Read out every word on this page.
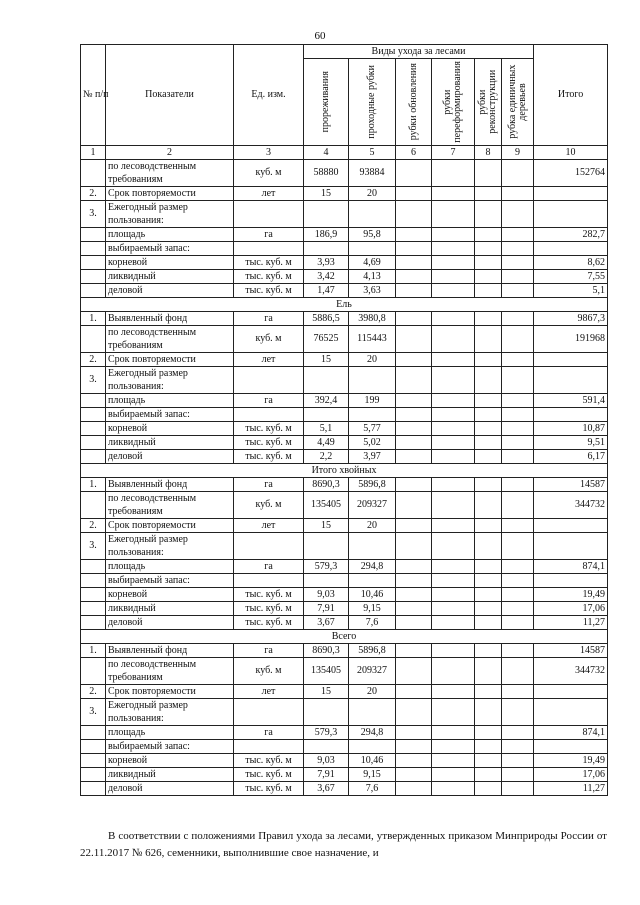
60
№ п/п	Показатели	Ед. изм.	Виды ухода за лесами						Итого

			прореживания	проходные рубки	рубки обновления	рубки переформирования	рубки реконструкции	рубка единичных деревьев	

1	2	3	4	5	6	7	8	9	10
	по лесоводственным требованиям	куб. м	58880	93884					152764
2.	Срок повторяемости	лет	15	20					
3.	Ежегодный размер пользования:								
	площадь	га	186,9	95,8					282,7
	выбираемый запас:								
	корневой	тыс. куб. м	3,93	4,69					8,62
	ликвидный	тыс. куб. м	3,42	4,13					7,55
	деловой	тыс. куб. м	1,47	3,63					5,1
Ель									
1.	Выявленный фонд	га	5886,5	3980,8					9867,3
	по лесоводственным требованиям	куб. м	76525	115443					191968
2.	Срок повторяемости	лет	15	20					
3.	Ежегодный размер пользования:								
	площадь	га	392,4	199					591,4
	выбираемый запас:								
	корневой	тыс. куб. м	5,1	5,77					10,87
	ликвидный	тыс. куб. м	4,49	5,02					9,51
	деловой	тыс. куб. м	2,2	3,97					6,17
Итого хвойных									
1.	Выявленный фонд	га	8690,3	5896,8					14587
	по лесоводственным требованиям	куб. м	135405	209327					344732
2.	Срок повторяемости	лет	15	20					
3.	Ежегодный размер пользования:								
	площадь	га	579,3	294,8					874,1
	выбираемый запас:								
	корневой	тыс. куб. м	9,03	10,46					19,49
	ликвидный	тыс. куб. м	7,91	9,15					17,06
	деловой	тыс. куб. м	3,67	7,6					11,27
Всего									
1.	Выявленный фонд	га	8690,3	5896,8					14587
	по лесоводственным требованиям	куб. м	135405	209327					344732
2.	Срок повторяемости	лет	15	20					
3.	Ежегодный размер пользования:								
	площадь	га	579,3	294,8					874,1
	выбираемый запас:								
	корневой	тыс. куб. м	9,03	10,46					19,49
	ликвидный	тыс. куб. м	7,91	9,15					17,06
	деловой	тыс. куб. м	3,67	7,6					11,27
В соответствии с положениями Правил ухода за лесами, утвержденных приказом Минприроды России от 22.11.2017 № 626, семенники, выполнившие свое назначение, и
